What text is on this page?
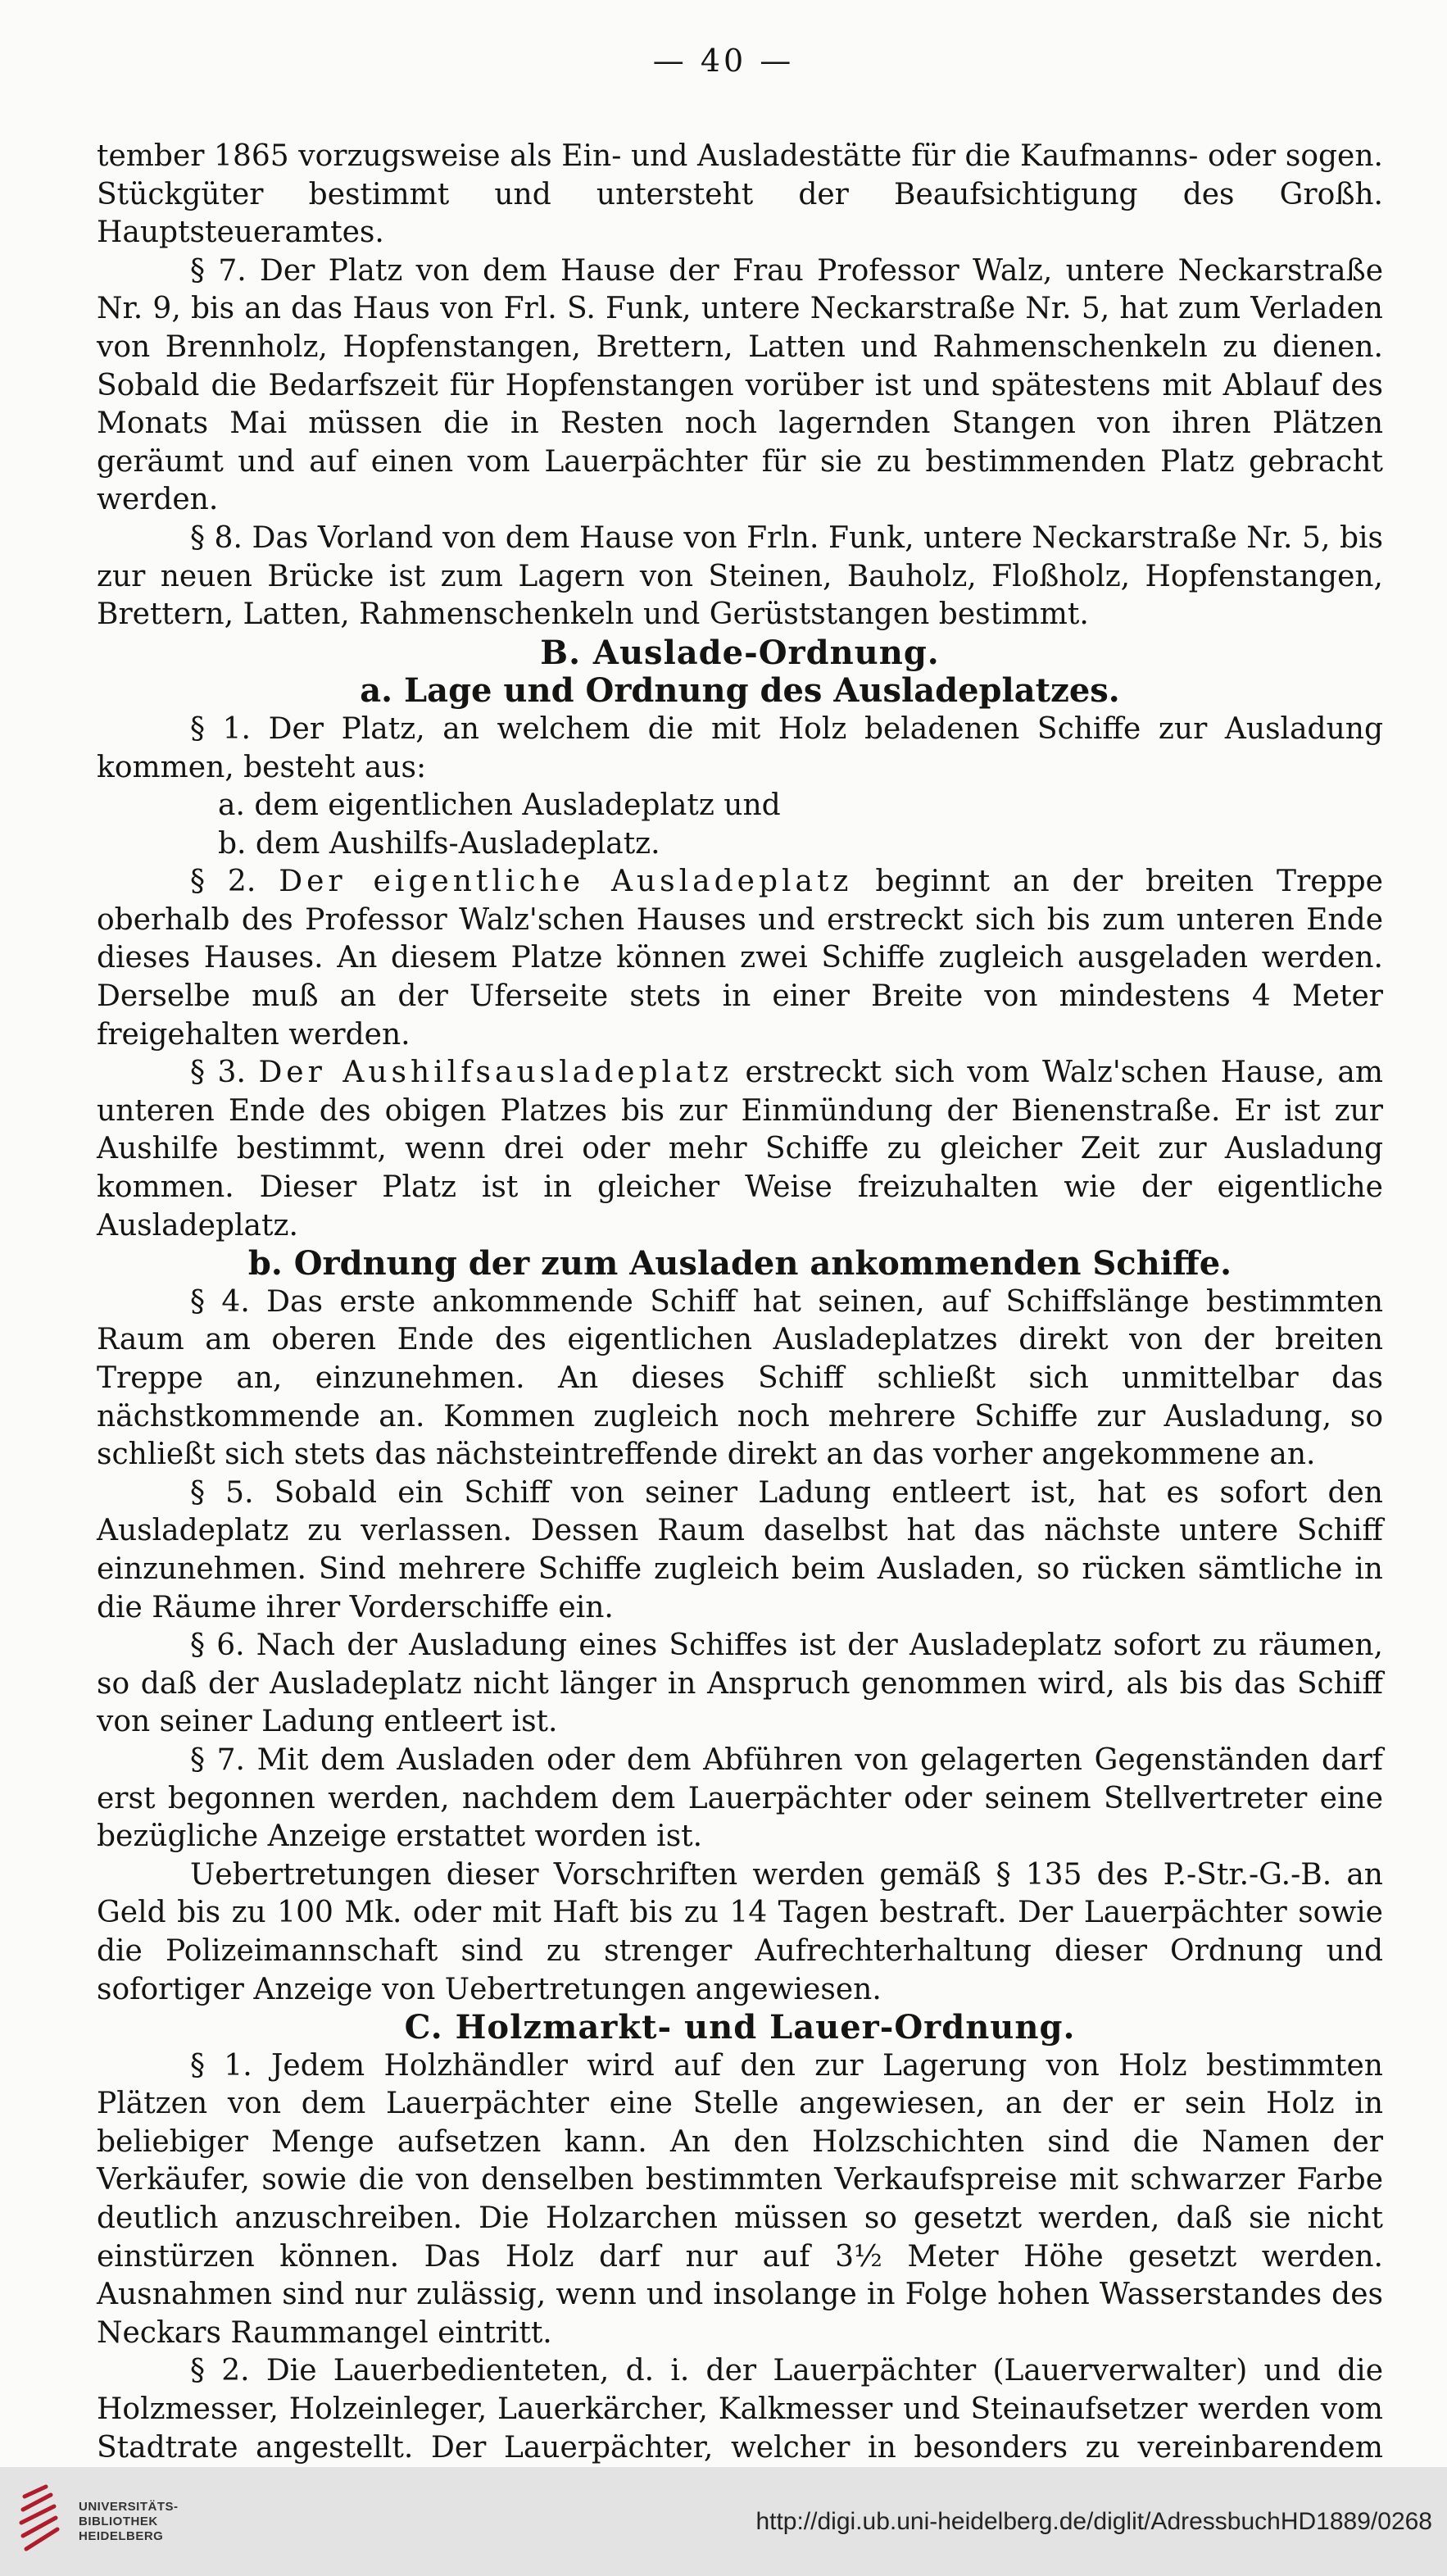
— 40 —

tember 1865 vorzugsweise als Ein- und Ausladestätte für die Kaufmanns- oder sogen. Stückgüter bestimmt und untersteht der Beaufsichtigung des Großh. Hauptsteueramtes.

§ 7. Der Platz von dem Hause der Frau Professor Walz, untere Neckarstraße Nr. 9, bis an das Haus von Frl. S. Funk, untere Neckarstraße Nr. 5, hat zum Verladen von Brennholz, Hopfenstangen, Brettern, Latten und Rahmenschenkeln zu dienen. Sobald die Bedarfszeit für Hopfenstangen vorüber ist und spätestens mit Ablauf des Monats Mai müssen die in Resten noch lagernden Stangen von ihren Plätzen geräumt und auf einen vom Lauerpächter für sie zu bestimmenden Platz gebracht werden.

§ 8. Das Vorland von dem Hause von Frln. Funk, untere Neckarstraße Nr. 5, bis zur neuen Brücke ist zum Lagern von Steinen, Bauholz, Floßholz, Hopfenstangen, Brettern, Latten, Rahmenschenkeln und Gerüststangen bestimmt.

B. Auslade-Ordnung.

a. Lage und Ordnung des Ausladeplatzes.

§ 1. Der Platz, an welchem die mit Holz beladenen Schiffe zur Ausladung kommen, besteht aus:

a. dem eigentlichen Ausladeplatz und

b. dem Aushilfs-Ausladeplatz.

§ 2. Der eigentliche Ausladeplatz beginnt an der breiten Treppe oberhalb des Professor Walz'schen Hauses und erstreckt sich bis zum unteren Ende dieses Hauses. An diesem Platze können zwei Schiffe zugleich ausgeladen werden. Derselbe muß an der Uferseite stets in einer Breite von mindestens 4 Meter freigehalten werden.

§ 3. Der Aushilfsausladeplatz erstreckt sich vom Walz'schen Hause, am unteren Ende des obigen Platzes bis zur Einmündung der Bienenstraße. Er ist zur Aushilfe bestimmt, wenn drei oder mehr Schiffe zu gleicher Zeit zur Ausladung kommen. Dieser Platz ist in gleicher Weise freizuhalten wie der eigentliche Ausladeplatz.

b. Ordnung der zum Ausladen ankommenden Schiffe.

§ 4. Das erste ankommende Schiff hat seinen, auf Schiffslänge bestimmten Raum am oberen Ende des eigentlichen Ausladeplatzes direkt von der breiten Treppe an, einzunehmen. An dieses Schiff schließt sich unmittelbar das nächstkommende an. Kommen zugleich noch mehrere Schiffe zur Ausladung, so schließt sich stets das nächsteintreffende direkt an das vorher angekommene an.

§ 5. Sobald ein Schiff von seiner Ladung entleert ist, hat es sofort den Ausladeplatz zu verlassen. Dessen Raum daselbst hat das nächste untere Schiff einzunehmen. Sind mehrere Schiffe zugleich beim Ausladen, so rücken sämtliche in die Räume ihrer Vorderschiffe ein.

§ 6. Nach der Ausladung eines Schiffes ist der Ausladeplatz sofort zu räumen, so daß der Ausladeplatz nicht länger in Anspruch genommen wird, als bis das Schiff von seiner Ladung entleert ist.

§ 7. Mit dem Ausladen oder dem Abführen von gelagerten Gegenständen darf erst begonnen werden, nachdem dem Lauerpächter oder seinem Stellvertreter eine bezügliche Anzeige erstattet worden ist.

Uebertretungen dieser Vorschriften werden gemäß § 135 des P.-Str.-G.-B. an Geld bis zu 100 Mk. oder mit Haft bis zu 14 Tagen bestraft. Der Lauerpächter sowie die Polizeimannschaft sind zu strenger Aufrechterhaltung dieser Ordnung und sofortiger Anzeige von Uebertretungen angewiesen.

C. Holzmarkt- und Lauer-Ordnung.

§ 1. Jedem Holzhändler wird auf den zur Lagerung von Holz bestimmten Plätzen von dem Lauerpächter eine Stelle angewiesen, an der er sein Holz in beliebiger Menge aufsetzen kann. An den Holzschichten sind die Namen der Verkäufer, sowie die von denselben bestimmten Verkaufspreise mit schwarzer Farbe deutlich anzuschreiben. Die Holzarchen müssen so gesetzt werden, daß sie nicht einstürzen können. Das Holz darf nur auf 3½ Meter Höhe gesetzt werden. Ausnahmen sind nur zulässig, wenn und insolange in Folge hohen Wasserstandes des Neckars Raummangel eintritt.

§ 2. Die Lauerbedienteten, d. i. der Lauerpächter (Lauerverwalter) und die Holzmesser, Holzeinleger, Lauerkärcher, Kalkmesser und Steinaufsetzer werden vom Stadtrate angestellt. Der Lauerpächter, welcher in besonders zu vereinbarendem

UNIVERSITÄTS-
BIBLIOTHEK
HEIDELBERG
http://digi.ub.uni-heidelberg.de/diglit/AdressbuchHD1889/0268
